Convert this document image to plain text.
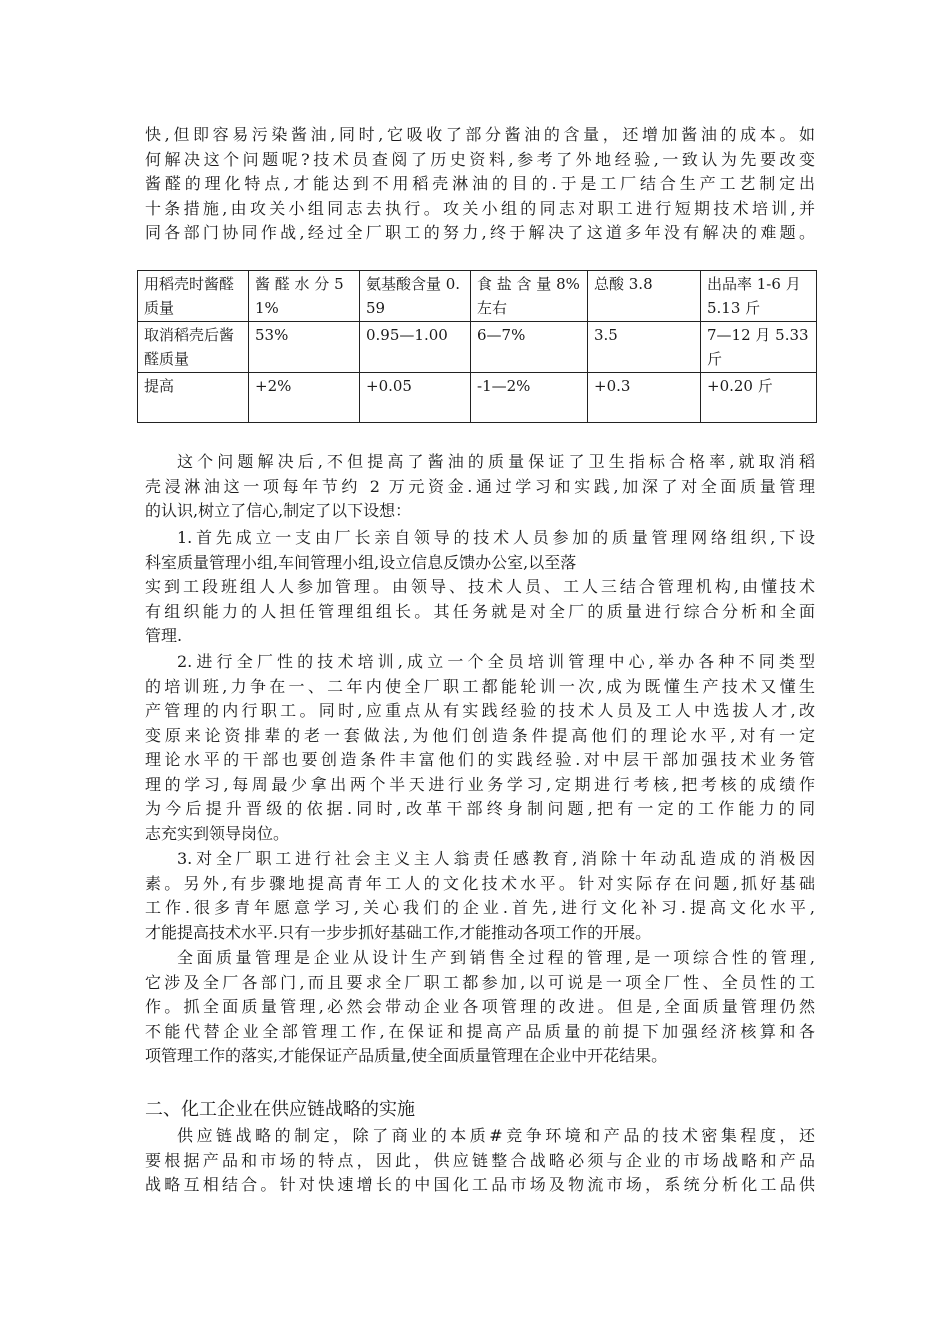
快,但即容易污染酱油,同时,它吸收了部分酱油的含量，还增加酱油的成本。如
何解决这个问题呢?技术员查阅了历史资料,参考了外地经验,一致认为先要改变
酱醛的理化特点,才能达到不用稻壳淋油的目的.于是工厂结合生产工艺制定出
十条措施,由攻关小组同志去执行。攻关小组的同志对职工进行短期技术培训,并
同各部门协同作战,经过全厂职工的努力,终于解决了这道多年没有解决的难题。

用稻壳时酱醛质量	酱 醛 水 分 51%	氨基酸含量 0.59	食 盐 含 量 8%左右	总酸 3.8	出品率 1-6 月 5.13 斤
取消稻壳后酱醛质量	53%	0.95—1.00	6—7%	3.5	7—12 月 5.33 斤
提高	+2%	+0.05	-1—2%	+0.3	+0.20 斤

这个问题解决后,不但提高了酱油的质量保证了卫生指标合格率,就取消稻
壳浸淋油这一项每年节约 2 万元资金.通过学习和实践,加深了对全面质量管理
的认识,树立了信心,制定了以下设想：

1.首先成立一支由厂长亲自领导的技术人员参加的质量管理网络组织,下设
科室质量管理小组,车间管理小组,设立信息反馈办公室,以至落
实到工段班组人人参加管理。由领导、技术人员、工人三结合管理机构,由懂技术
有组织能力的人担任管理组组长。其任务就是对全厂的质量进行综合分析和全面
管理.

2.进行全厂性的技术培训,成立一个全员培训管理中心,举办各种不同类型
的培训班,力争在一、二年内使全厂职工都能轮训一次,成为既懂生产技术又懂生
产管理的内行职工。同时,应重点从有实践经验的技术人员及工人中选拔人才,改
变原来论资排辈的老一套做法,为他们创造条件提高他们的理论水平,对有一定
理论水平的干部也要创造条件丰富他们的实践经验.对中层干部加强技术业务管
理的学习,每周最少拿出两个半天进行业务学习,定期进行考核,把考核的成绩作
为今后提升晋级的依据.同时,改革干部终身制问题,把有一定的工作能力的同
志充实到领导岗位。

3.对全厂职工进行社会主义主人翁责任感教育,消除十年动乱造成的消极因
素。另外,有步骤地提高青年工人的文化技术水平。针对实际存在问题,抓好基础
工作.很多青年愿意学习,关心我们的企业.首先,进行文化补习.提高文化水平,
才能提高技术水平.只有一步步抓好基础工作,才能推动各项工作的开展。

全面质量管理是企业从设计生产到销售全过程的管理,是一项综合性的管理,
它涉及全厂各部门,而且要求全厂职工都参加,以可说是一项全厂性、全员性的工
作。抓全面质量管理,必然会带动企业各项管理的改进。但是,全面质量管理仍然
不能代替企业全部管理工作,在保证和提高产品质量的前提下加强经济核算和各
项管理工作的落实,才能保证产品质量,使全面质量管理在企业中开花结果。

二、化工企业在供应链战略的实施

供应链战略的制定，除了商业的本质#竞争环境和产品的技术密集程度，还
要根据产品和市场的特点，因此，供应链整合战略必须与企业的市场战略和产品
战略互相结合。针对快速增长的中国化工品市场及物流市场，系统分析化工品供
